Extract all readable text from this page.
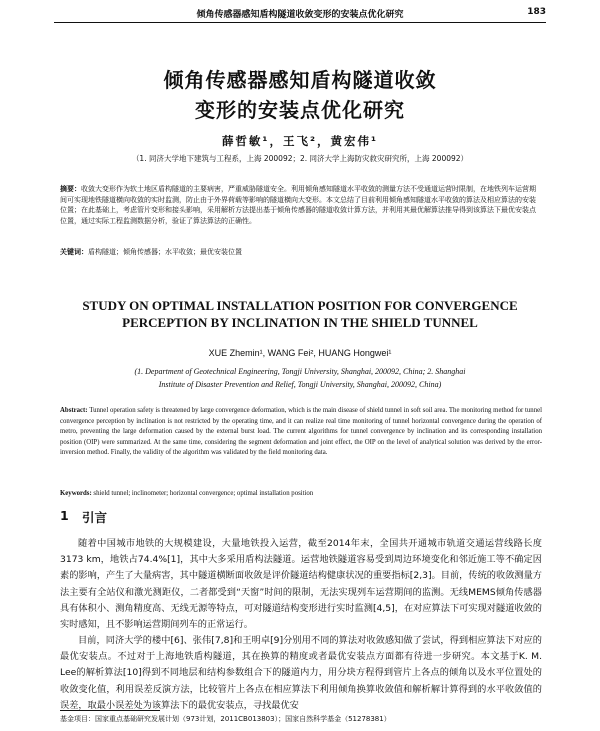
倾角传感器感知盾构隧道收敛变形的安装点优化研究	183
倾角传感器感知盾构隧道收敛
变形的安装点优化研究
薛哲敏¹，王飞²，黄宏伟¹
（1. 同济大学地下建筑与工程系，上海 200092；2. 同济大学上海防灾救灾研究所，上海 200092）
摘要：收敛大变形作为软土地区盾构隧道的主要病害，严重威胁隧道安全。利用倾角感知隧道水平收敛的测量方法不受通道运营时限制，在地铁列车运营期间可实现地铁隧道横向收敛的实时监测，防止由于外界荷载等影响的隧道横向大变形。本文总结了目前利用倾角感知隧道水平收敛的算法及相应算法的安装位置；在此基础上，考虑管片变形和接头影响，采用解析方法提出基于倾角传感器的隧道收敛计算方法，并利用其最优解算法推导得到该算法下最优安装点位置，通过实际工程监测数据分析，验证了算法算法的正确性。
关键词：盾构隧道；倾角传感器；水平收敛；最优安装位置
STUDY ON OPTIMAL INSTALLATION POSITION FOR CONVERGENCE
PERCEPTION BY INCLINATION IN THE SHIELD TUNNEL
XUE Zhemin¹, WANG Fei², HUANG Hongwei¹
(1. Department of Geotechnical Engineering, Tongji University, Shanghai, 200092, China; 2. Shanghai
Institute of Disaster Prevention and Relief, Tongji University, Shanghai, 200092, China)
Abstract: Tunnel operation safety is threatened by large convergence deformation, which is the main disease of shield tunnel in soft soil area. The monitoring method for tunnel convergence perception by inclination is not restricted by the operating time, and it can realize real time monitoring of tunnel horizontal convergence during the operation of metro, preventing the large deformation caused by the external burst load. The current algorithms for tunnel convergence by inclination and its corresponding installation position (OIP) were summarized. At the same time, considering the segment deformation and joint effect, the OIP on the level of analytical solution was derived by the error-inversion method. Finally, the validity of the algorithm was validated by the field monitoring data.
Keywords: shield tunnel; inclinometer; horizontal convergence; optimal installation position
1 引言
随着中国城市地铁的大规模建设，大量地铁投入运营，截至2014年末，全国共开通城市轨道交通运营线路长度3173 km，地铁占74.4%[1]，其中大多采用盾构法隧道。运营地铁隧道容易受到周边环境变化和邻近施工等不确定因素的影响，产生了大量病害，其中隧道横断面收敛是评价隧道结构健康状况的重要指标[2,3]。目前，传统的收敛测量方法主要有全站仪和激光测距仪，二者都受到“天窗”时间的限制，无法实现列车运营期间的监测。无线MEMS倾角传感器具有体积小、测角精度高、无线无源等特点，可对隧道结构变形进行实时监测[4,5]，在对应算法下可实现对隧道收敛的实时感知，且不影响运营期间列车的正常运行。
目前，同济大学的楼中[6]、张伟[7,8]和王明卓[9]分别用不同的算法对收敛感知做了尝试，得到相应算法下对应的最优安装点。不过对于上海地铁盾构隧道，其在换算的精度或者最优安装点方面都有待进一步研究。本文基于K. M. Lee的解析算法[10]得到不同地层和结构参数组合下的隧道内力，用分块方程得到管片上各点的倾角以及水平位置处的收敛变化值，利用误差反演方法，比较管片上各点在相应算法下利用倾角换算收敛值和解析解计算得到的水平收敛值的误差，取最小误差处为该算法下的最优安装点，寻找最优安
基金项目：国家重点基础研究发展计划（973计划，2011CB013803）；国家自然科学基金（51278381）
